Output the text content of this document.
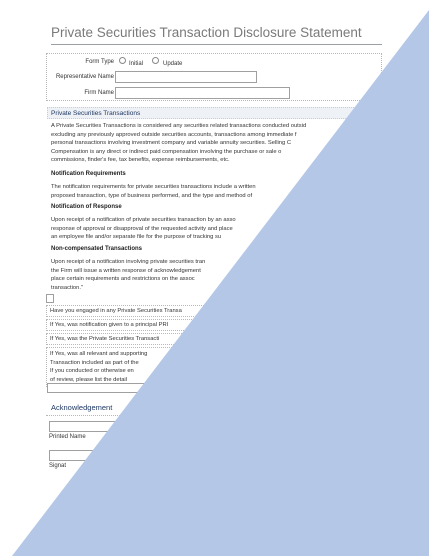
Private Securities Transaction Disclosure Statement
Form Type	Initial	Update
Representative Name
Firm Name
Private Securities Transactions
A Private Securities Transactions is considered any securities related transactions conducted outsid
excluding any previously approved outside securities accounts, transactions among immediate f
personal transactions involving investment company and variable annuity securities. Selling C
Compensation is any direct or indirect paid compensation involving the purchase or sale o
commissions, finder's fee, tax benefits, expense reimbursements, etc.
Notification Requirements
The notification requirements for private securities transactions include a written
proposed transaction, type of business performed, and the type and method of
Notification of Response
Upon receipt of a notification of private securities transaction by an asso
response of approval or disapproval of the requested activity and place
an employee file and/or separate file for the purpose of tracking su
Non-compensated Transactions
Upon receipt of a notification involving private securities tran
the Firm will issue a written response of acknowledgement
place certain requirements and restrictions on the assoc
transaction."
Have you engaged in any Private Securities Transa
If Yes, was notification given to a principal PRI
If Yes, was the Private Securities Transacti
If Yes, was all relevant and supporting
Transaction included as part of the
If you conducted or otherwise en
of review, please list the detail
Acknowledgement
Printed Name
Signat
